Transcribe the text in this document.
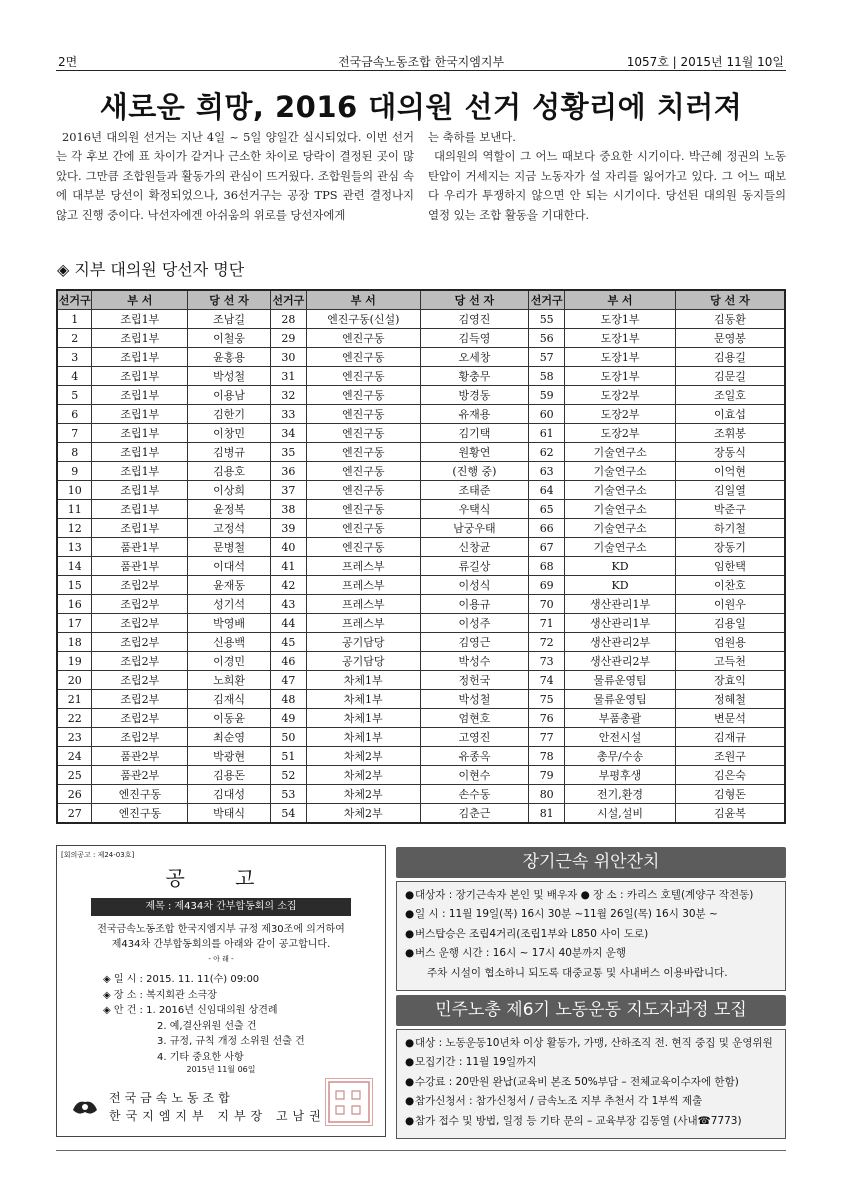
2면	전국금속노동조합 한국지엠지부	1057호 | 2015년 11월 10일
새로운 희망, 2016 대의원 선거 성황리에 치러져

2016년 대의원 선거는 지난 4일 ~ 5일 양일간 실시되었다. 이번 선거는 각 후보 간에 표 차이가 같거나 근소한 차이로 당락이 결정된 곳이 많았다. 그만큼 조합원들과 활동가의 관심이 뜨거웠다. 조합원들의 관심 속에 대부분 당선이 확정되었으나, 36선거구는 공장 TPS 관련 결정나지 않고 진행 중이다. 낙선자에겐 아쉬움의 위로를 당선자에게

는 축하를 보낸다.

대의원의 역할이 그 어느 때보다 중요한 시기이다. 박근혜 정권의 노동탄압이 거세지는 지금 노동자가 설 자리를 잃어가고 있다. 그 어느 때보다 우리가 투쟁하지 않으면 안 되는 시기이다. 당선된 대의원 동지들의 열정 있는 조합 활동을 기대한다.

◈ 지부 대의원 당선자 명단
선거구	부 서	당 선 자	선거구	부 서	당 선 자	선거구	부 서	당 선 자
1	조립1부	조남길	28	엔진구동(신설)	김영진	55	도장1부	김동환
2	조립1부	이철웅	29	엔진구동	김득영	56	도장1부	문영봉
3	조립1부	윤홍용	30	엔진구동	오세창	57	도장1부	김용길
4	조립1부	박성철	31	엔진구동	황충무	58	도장1부	김문길
5	조립1부	이용남	32	엔진구동	방경동	59	도장2부	조일호
6	조립1부	김한기	33	엔진구동	유재용	60	도장2부	이효섭
7	조립1부	이창민	34	엔진구동	김기택	61	도장2부	조휘봉
8	조립1부	김병규	35	엔진구동	원황연	62	기술연구소	장동식
9	조립1부	김용호	36	엔진구동	(진행 중)	63	기술연구소	이억현
10	조립1부	이상희	37	엔진구동	조태준	64	기술연구소	김일열
11	조립1부	윤정복	38	엔진구동	우택식	65	기술연구소	박준구
12	조립1부	고정석	39	엔진구동	남궁우태	66	기술연구소	하기철
13	품관1부	문병철	40	엔진구동	신창균	67	기술연구소	장동기
14	품관1부	이대석	41	프레스부	류길상	68	KD	임한택
15	조립2부	윤재동	42	프레스부	이성식	69	KD	이찬호
16	조립2부	성기석	43	프레스부	이용규	70	생산관리1부	이원우
17	조립2부	박영배	44	프레스부	이성주	71	생산관리1부	김용일
18	조립2부	신용백	45	공기담당	김영근	72	생산관리2부	엄원용
19	조립2부	이경민	46	공기담당	박성수	73	생산관리2부	고득천
20	조립2부	노희환	47	차체1부	정헌국	74	물류운영팀	장효익
21	조립2부	김재식	48	차체1부	박성철	75	물류운영팀	정혜철
22	조립2부	이동윤	49	차체1부	엄현호	76	부품총괄	변문석
23	조립2부	최순영	50	차체1부	고영진	77	안전시설	김재규
24	품관2부	박광현	51	차체2부	유종옥	78	총무/수송	조원구
25	품관2부	김용돈	52	차체2부	이현수	79	부평후생	김은숙
26	엔진구동	김대성	53	차체2부	손수동	80	전기,환경	김형돈
27	엔진구동	박태식	54	차체2부	김춘근	81	시설,설비	김윤복
[회의공고 : 제24-03호]
공 고
제목 : 제434차 간부합동회의 소집
전국금속노동조합 한국지엠지부 규정 제30조에 의거하여
제434차 간부합동회의를 아래와 같이 공고합니다.
- 아 래 -
◈ 일 시 : 2015. 11. 11(수) 09:00
◈ 장 소 : 복지회관 소극장
◈ 안 건 : 1. 2016년 신임대의원 상견례
2. 예,결산위원 선출 건
3. 규정, 규칙 개정 소위원 선출 건
4. 기타 중요한 사항
2015년 11월 06일
전국금속노동조합
한국지엠지부 지부장 고남권
장기근속 위안잔치
●대상자 : 장기근속자 본인 및 배우자 ● 장 소 : 카리스 호텔(계양구 작전동)
●일 시 : 11월 19일(목) 16시 30분 ~11월 26일(목) 16시 30분 ~
●버스탑승은 조립4거리(조립1부와 L850 사이 도로)
●버스 운행 시간 : 16시 ~ 17시 40분까지 운행
주차 시설이 협소하니 되도록 대중교통 및 사내버스 이용바랍니다.
민주노총 제6기 노동운동 지도자과정 모집
●대상 : 노동운동10년차 이상 활동가, 가맹, 산하조직 전. 현직 중집 및 운영위원
●모집기간 : 11월 19일까지
●수강료 : 20만원 완납(교육비 본조 50%부담 – 전체교육이수자에 한함)
●참가신청서 : 참가신청서 / 금속노조 지부 추천서 각 1부씩 제출
●참가 접수 및 방법, 일정 등 기타 문의 – 교육부장 김동열 (사내☎7773)
